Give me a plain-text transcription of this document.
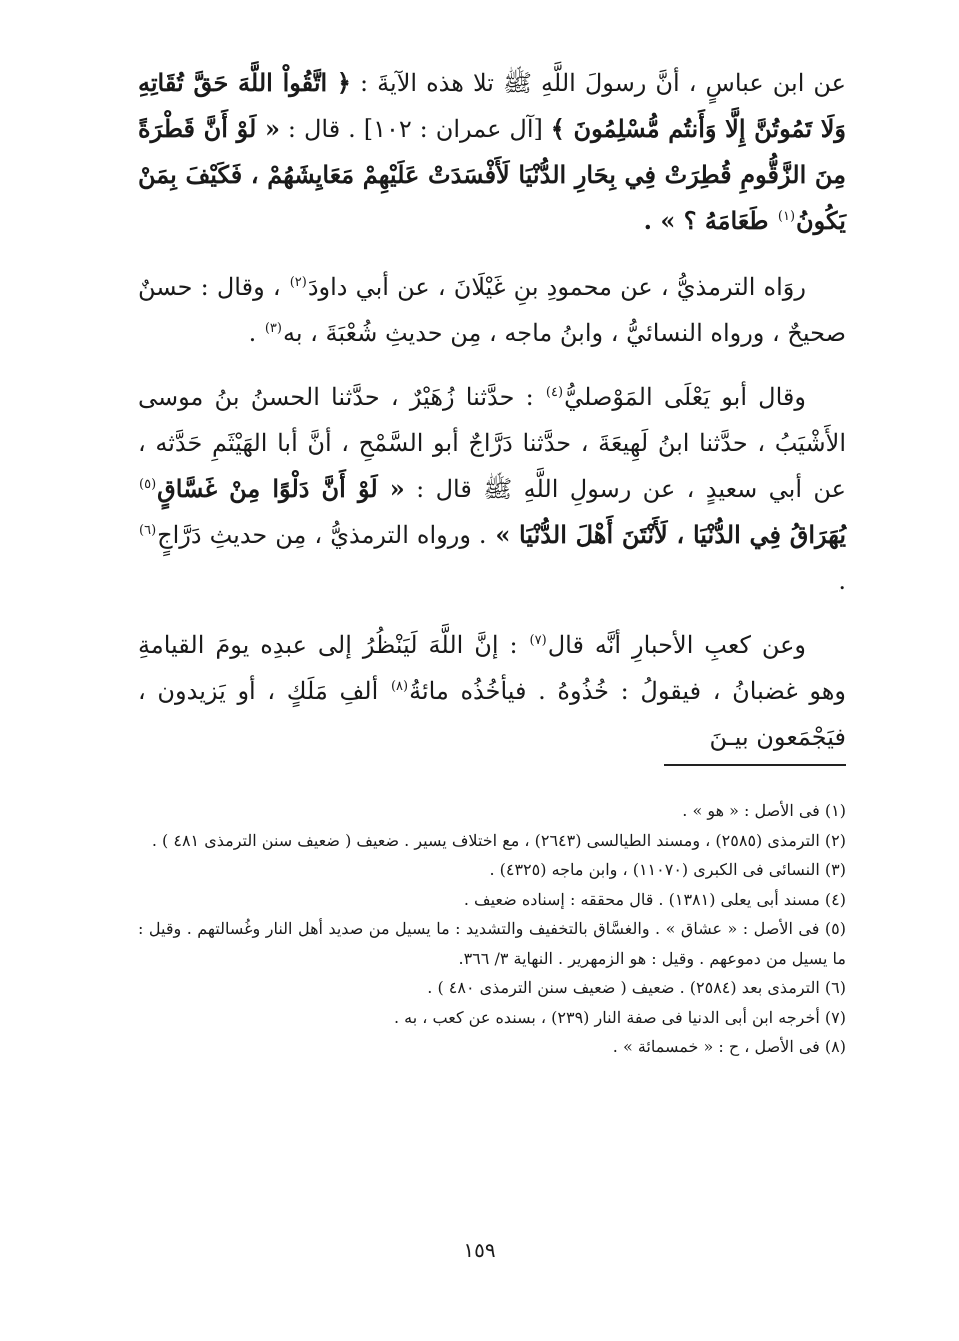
عن ابن عباسٍ ، أنَّ رسولَ اللَّهِ ﷺ تلا هذه الآيةَ : ﴿ اتَّقُواْ اللَّهَ حَقَّ تُقَاتِهِ وَلَا تَمُوتُنَّ إِلَّا وَأَنتُم مُّسْلِمُونَ ﴾ [آل عمران : ١٠٢] . قال : « لَوْ أَنَّ قَطْرَةً مِنَ الزَّقُّومِ قُطِرَتْ فِي بِحَارِ الدُّنْيَا لَأَفْسَدَتْ عَلَيْهِمْ مَعَايِشَهُمْ ، فَكَيْفَ بِمَنْ يَكُونُ$^{(١)}$ طَعَامَهُ ؟ » .

روَاه الترمذيُّ ، عن محمودِ بنِ غَيْلَانَ ، عن أبي داودَ$^{(٢)}$ ، وقال : حسنٌ صحيحٌ ، ورواه النسائيُّ ، وابنُ ماجه ، مِن حديثِ شُعْبَةَ ، به$^{(٣)}$ .

وقال أبو يَعْلَى المَوْصليُّ$^{(٤)}$ : حدَّثنا زُهَيْرٌ ، حدَّثنا الحسنُ بنُ موسى الأَشْيَبُ ، حدَّثنا ابنُ لَهِيعَةَ ، حدَّثنا دَرَّاجٌ أبو السَّمْحِ ، أنَّ أبا الهَيْثَمِ حَدَّثه ، عن أبي سعيدٍ ، عن رسولِ اللَّهِ ﷺ قال : « لَوْ أَنَّ دَلْوًا مِنْ غَسَّاقٍ$^{(٥)}$ يُهَرَاقُ فِي الدُّنْيَا ، لَأَنْتَنَ أَهْلَ الدُّنْيَا » . ورواه الترمذيُّ ، مِن حديثِ دَرَّاجٍ$^{(٦)}$ .

وعن كعبِ الأحبارِ أنَّه قال$^{(٧)}$ : إنَّ اللَّهَ لَيَنْظُرُ إلى عبدِه يومَ القيامةِ وهو غضبانُ ، فيقولُ : خُذُوهُ . فيأخُذُه مائةُ$^{(٨)}$ ألفِ مَلَكٍ ، أو يَزيدون ، فيَجْمَعون بيـنَ

(١) فى الأصل : « هو » .

(٢) الترمذى (٢٥٨٥) ، ومسند الطيالسى (٢٦٤٣) ، مع اختلاف يسير . ضعيف ( ضعيف سنن الترمذى ٤٨١ ) .

(٣) النسائى فى الكبرى (١١٠٧٠) ، وابن ماجه (٤٣٢٥) .

(٤) مسند أبى يعلى (١٣٨١) . قال محققه : إسناده ضعيف .

(٥) فى الأصل : « عشاق » . والغسَّاق بالتخفيف والتشديد : ما يسيل من صديد أهل النار وغُسالتهم . وقيل : ما يسيل من دموعهم . وقيل : هو الزمهرير . النهاية ٣/ ٣٦٦.

(٦) الترمذى بعد (٢٥٨٤) . ضعيف ( ضعيف سنن الترمذى ٤٨٠ ) .

(٧) أخرجه ابن أبى الدنيا فى صفة النار (٢٣٩) ، بسنده عن كعب ، به .

(٨) فى الأصل ، ح : « خمسمائة » .

١٥٩
